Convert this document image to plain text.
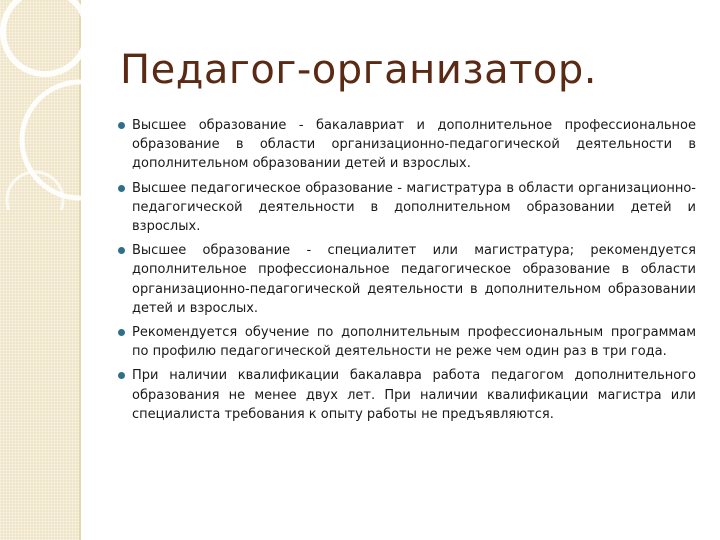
Педагог-организатор.
Высшее образование - бакалавриат и дополнительное профессиональное образование в области организационно-педагогической деятельности в дополнительном образовании детей и взрослых.
Высшее педагогическое образование - магистратура в области организационно-педагогической деятельности в дополнительном образовании детей и взрослых.
Высшее образование - специалитет или магистратура; рекомендуется дополнительное профессиональное педагогическое образование в области организационно-педагогической деятельности в дополнительном образовании детей и взрослых.
Рекомендуется обучение по дополнительным профессиональным программам по профилю педагогической деятельности не реже чем один раз в три года.
При наличии квалификации бакалавра работа педагогом дополнительного образования не менее двух лет. При наличии квалификации магистра или специалиста требования к опыту работы не предъявляются.
